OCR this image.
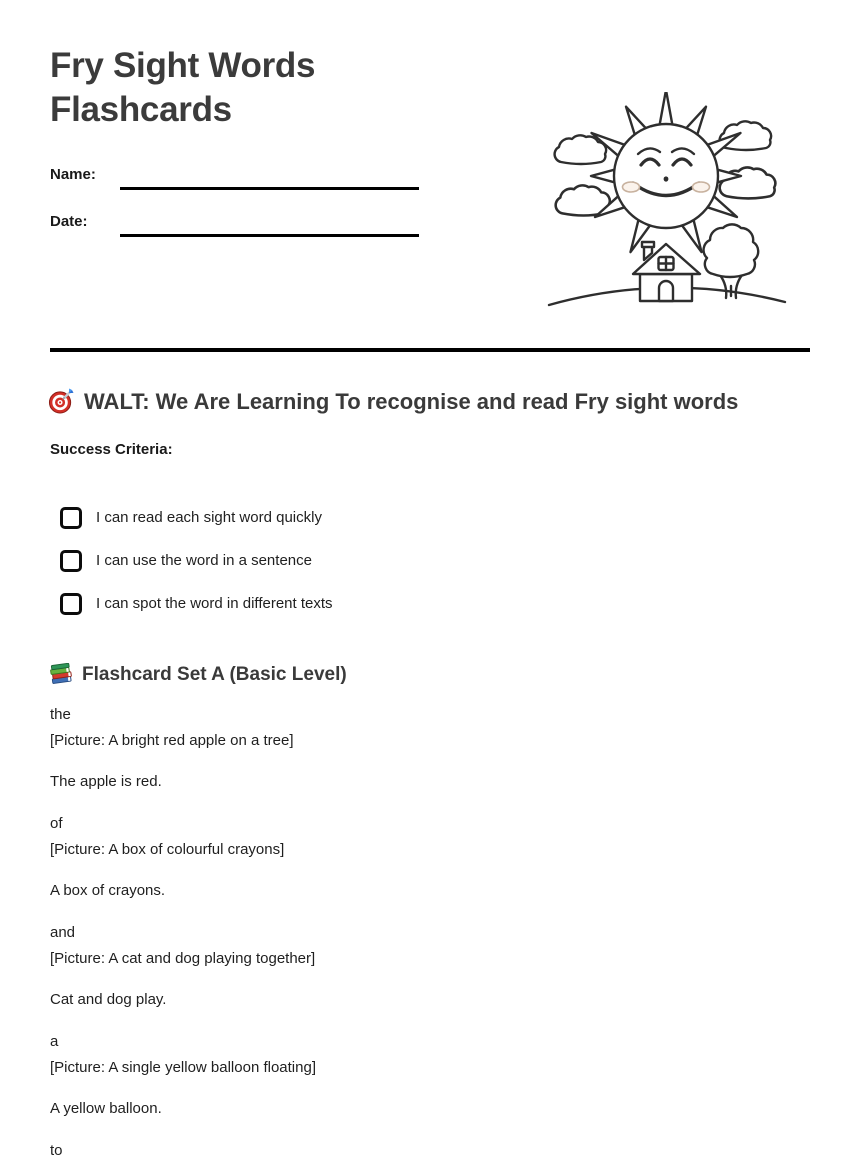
Fry Sight Words
Flashcards
Name:
Date:
WALT: We Are Learning To recognise and read Fry sight words
Success Criteria:
I can read each sight word quickly
I can use the word in a sentence
I can spot the word in different texts
Flashcard Set A (Basic Level)

the
[Picture: A bright red apple on a tree]

The apple is red.

of
[Picture: A box of colourful crayons]

A box of crayons.

and
[Picture: A cat and dog playing together]

Cat and dog play.

a
[Picture: A single yellow balloon floating]

A yellow balloon.

to
